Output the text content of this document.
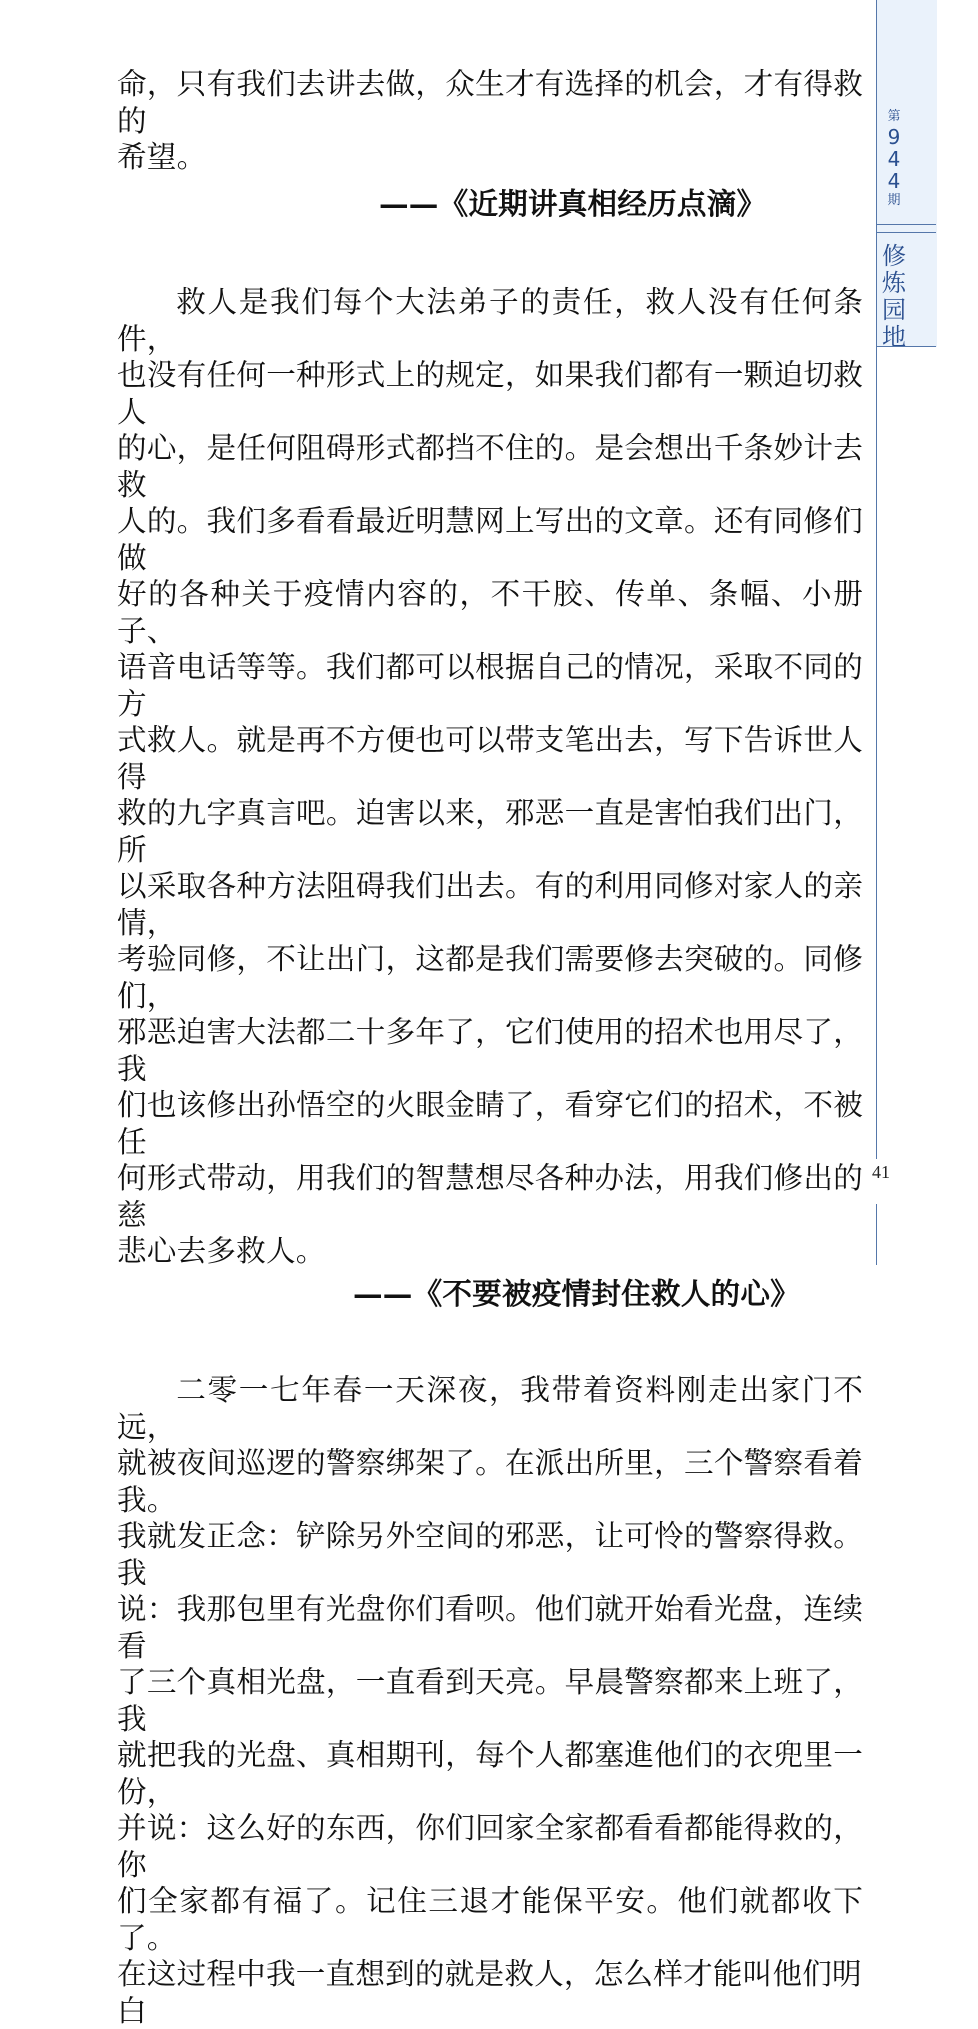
命，只有我们去讲去做，众生才有选择的机会，才有得救的

希望。

——《近期讲真相经历点滴》

救人是我们每个大法弟子的责任，救人没有任何条件，

也没有任何一种形式上的规定，如果我们都有一颗迫切救人

的心，是任何阻碍形式都挡不住的。是会想出千条妙计去救

人的。我们多看看最近明慧网上写出的文章。还有同修们做

好的各种关于疫情内容的，不干胶、传单、条幅、小册子、

语音电话等等。我们都可以根据自己的情况，采取不同的方

式救人。就是再不方便也可以带支笔出去，写下告诉世人得

救的九字真言吧。迫害以来，邪恶一直是害怕我们出门，所

以采取各种方法阻碍我们出去。有的利用同修对家人的亲情，

考验同修，不让出门，这都是我们需要修去突破的。同修们，

邪恶迫害大法都二十多年了，它们使用的招术也用尽了，我

们也该修出孙悟空的火眼金睛了，看穿它们的招术，不被任

何形式带动，用我们的智慧想尽各种办法，用我们修出的慈

悲心去多救人。

——《不要被疫情封住救人的心》

二零一七年春一天深夜，我带着资料刚走出家门不远，

就被夜间巡逻的警察绑架了。在派出所里，三个警察看着我。

我就发正念：铲除另外空间的邪恶，让可怜的警察得救。我

说：我那包里有光盘你们看呗。他们就开始看光盘，连续看

了三个真相光盘，一直看到天亮。早晨警察都来上班了，我

就把我的光盘、真相期刊，每个人都塞進他们的衣兜里一份，

并说：这么好的东西，你们回家全家都看看都能得救的，你

们全家都有福了。记住三退才能保平安。他们就都收下了。

在这过程中我一直想到的就是救人，怎么样才能叫他们明白

第
9
4
4
期
修
炼
园
地
41
